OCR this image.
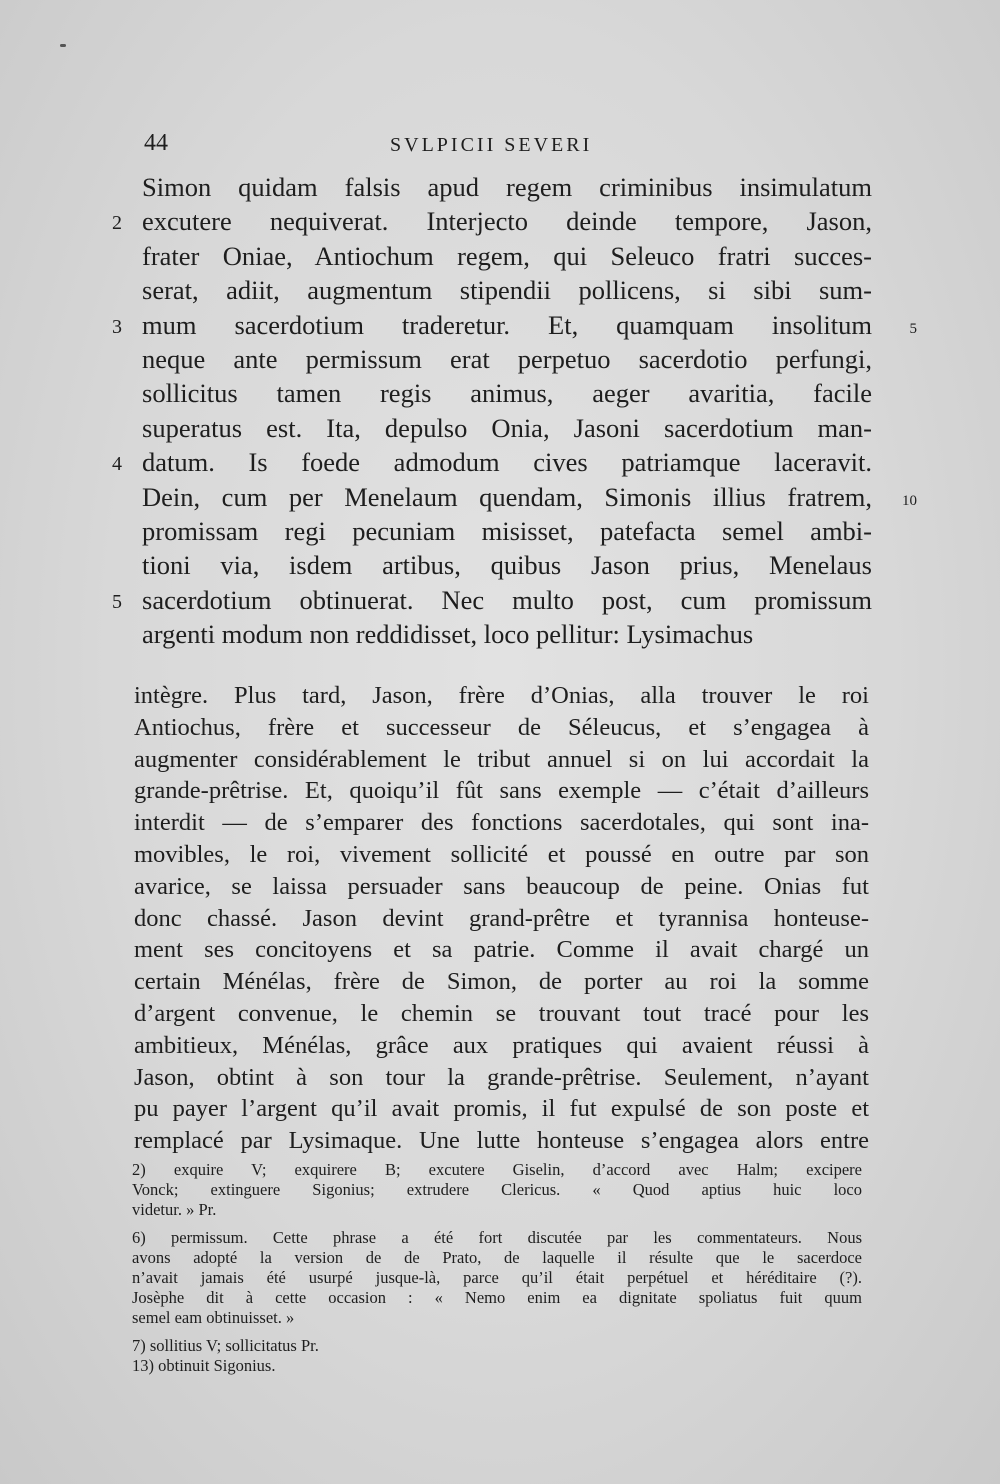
44	SVLPICII SEVERI
Simon quidam falsis apud regem criminibus insimulatum
2 excutere nequiverat. Interjecto deinde tempore, Jason,
frater Oniae, Antiochum regem, qui Seleuco fratri succes-
serat, adiit, augmentum stipendii pollicens, si sibi sum-
3 mum sacerdotium traderetur. Et, quamquam insolitum	5
neque ante permissum erat perpetuo sacerdotio perfungi,
sollicitus tamen regis animus, aeger avaritia, facile
superatus est. Ita, depulso Onia, Jasoni sacerdotium man-
4 datum. Is foede admodum cives patriamque laceravit.
Dein, cum per Menelaum quendam, Simonis illius fratrem, 10
promissam regi pecuniam misisset, patefacta semel ambi-
tioni via, isdem artibus, quibus Jason prius, Menelaus
5 sacerdotium obtinuerat. Nec multo post, cum promissum
argenti modum non reddidisset, loco pellitur: Lysimachus
intègre. Plus tard, Jason, frère d’Onias, alla trouver le roi
Antiochus, frère et successeur de Séleucus, et s’engagea à
augmenter considérablement le tribut annuel si on lui accordait la
grande-prêtrise. Et, quoiqu’il fût sans exemple — c’était d’ailleurs
interdit — de s’emparer des fonctions sacerdotales, qui sont ina-
movibles, le roi, vivement sollicité et poussé en outre par son
avarice, se laissa persuader sans beaucoup de peine. Onias fut
donc chassé. Jason devint grand-prêtre et tyrannisa honteuse-
ment ses concitoyens et sa patrie. Comme il avait chargé un
certain Ménélas, frère de Simon, de porter au roi la somme
d’argent convenue, le chemin se trouvant tout tracé pour les
ambitieux, Ménélas, grâce aux pratiques qui avaient réussi à
Jason, obtint à son tour la grande-prêtrise. Seulement, n’ayant
pu payer l’argent qu’il avait promis, il fut expulsé de son poste et
remplacé par Lysimaque. Une lutte honteuse s’engagea alors entre
2) exquire V; exquirere B; excutere Giselin, d’accord avec Halm; excipere
Vonck; extinguere Sigonius; extrudere Clericus. « Quod aptius huic loco
videtur. » Pr.
6) permissum. Cette phrase a été fort discutée par les commentateurs. Nous
avons adopté la version de de Prato, de laquelle il résulte que le sacerdoce
n’avait jamais été usurpé jusque-là, parce qu’il était perpétuel et héréditaire (?).
Josèphe dit à cette occasion : « Nemo enim ea dignitate spoliatus fuit quum
semel eam obtinuisset. »
7) sollitius V; sollicitatus Pr.
13) obtinuit Sigonius.
